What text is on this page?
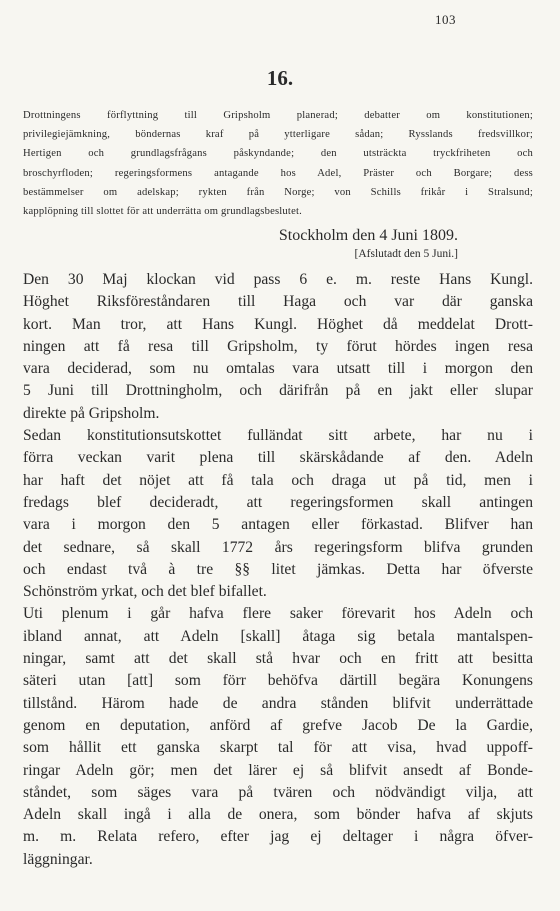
103
16.
Drottningens förflyttning till Gripsholm planerad; debatter om konstitutionen;
privilegiejämkning, böndernas kraf på ytterligare sådan; Rysslands fredsvillkor;
Hertigen och grundlagsfrågans påskyndande; den utsträckta tryckfriheten och
broschyrfloden; regeringsformens antagande hos Adel, Präster och Borgare; dess
bestämmelser om adelskap; rykten från Norge; von Schills frikår i Stralsund;
kapplöpning till slottet för att underrätta om grundlagsbeslutet.
Stockholm den 4 Juni 1809.
[Afslutadt den 5 Juni.]
Den 30 Maj klockan vid pass 6 e. m. reste Hans Kungl.
Höghet Riksföreståndaren till Haga och var där ganska
kort. Man tror, att Hans Kungl. Höghet då meddelat Drott-
ningen att få resa till Gripsholm, ty förut hördes ingen resa
vara deciderad, som nu omtalas vara utsatt till i morgon den
5 Juni till Drottningholm, och därifrån på en jakt eller slupar
direkte på Gripsholm.
Sedan konstitutionsutskottet fulländat sitt arbete, har nu i
förra veckan varit plena till skärskådande af den. Adeln
har haft det nöjet att få tala och draga ut på tid, men i
fredags blef decideradt, att regeringsformen skall antingen
vara i morgon den 5 antagen eller förkastad. Blifver han
det sednare, så skall 1772 års regeringsform blifva grunden
och endast två à tre §§ litet jämkas. Detta har öfverste
Schönström yrkat, och det blef bifallet.
Uti plenum i går hafva flere saker förevarit hos Adeln och
ibland annat, att Adeln [skall] åtaga sig betala mantalspen-
ningar, samt att det skall stå hvar och en fritt att besitta
säteri utan [att] som förr behöfva därtill begära Konungens
tillstånd. Härom hade de andra stånden blifvit underrättade
genom en deputation, anförd af grefve Jacob De la Gardie,
som hållit ett ganska skarpt tal för att visa, hvad uppoff-
ringar Adeln gör; men det lärer ej så blifvit ansedt af Bonde-
ståndet, som säges vara på tvären och nödvändigt vilja, att
Adeln skall ingå i alla de onera, som bönder hafva af skjuts
m. m. Relata refero, efter jag ej deltager i några öfver-
läggningar.
